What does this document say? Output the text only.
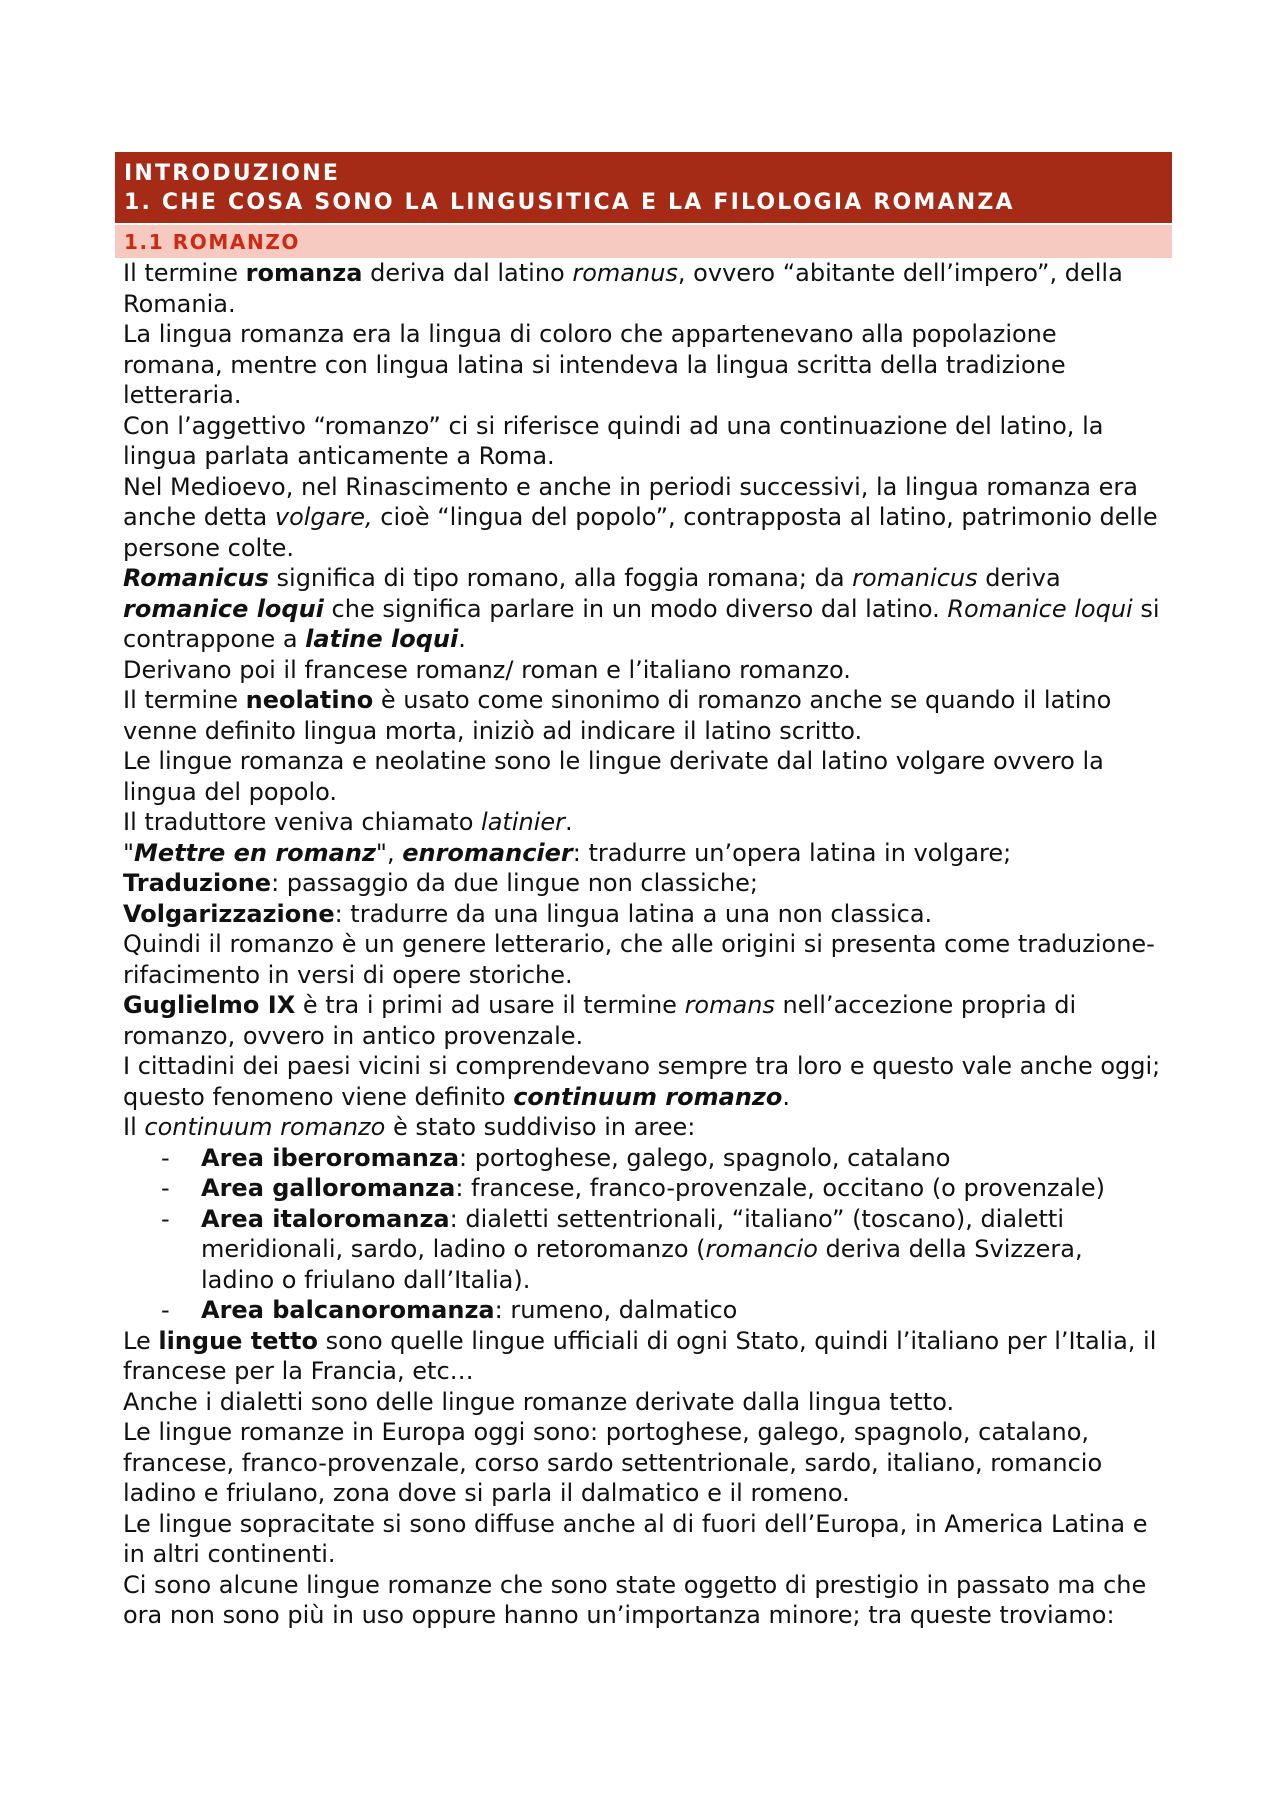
INTRODUZIONE
1. CHE COSA SONO LA LINGUSITICA E LA FILOLOGIA ROMANZA
1.1 ROMANZO

Il termine romanza deriva dal latino romanus, ovvero “abitante dell’impero”, della Romania.

La lingua romanza era la lingua di coloro che appartenevano alla popolazione romana, mentre con lingua latina si intendeva la lingua scritta della tradizione letteraria.

Con l’aggettivo “romanzo” ci si riferisce quindi ad una continuazione del latino, la lingua parlata anticamente a Roma.

Nel Medioevo, nel Rinascimento e anche in periodi successivi, la lingua romanza era anche detta volgare, cioè “lingua del popolo”, contrapposta al latino, patrimonio delle persone colte.

Romanicus significa di tipo romano, alla foggia romana; da romanicus deriva romanice loqui che significa parlare in un modo diverso dal latino. Romanice loqui si contrappone a latine loqui.

Derivano poi il francese romanz/ roman e l’italiano romanzo.

Il termine neolatino è usato come sinonimo di romanzo anche se quando il latino venne definito lingua morta, iniziò ad indicare il latino scritto.

Le lingue romanza e neolatine sono le lingue derivate dal latino volgare ovvero la lingua del popolo.

Il traduttore veniva chiamato latinier.

"Mettre en romanz", enromancier: tradurre un’opera latina in volgare;

Traduzione: passaggio da due lingue non classiche;

Volgarizzazione: tradurre da una lingua latina a una non classica.

Quindi il romanzo è un genere letterario, che alle origini si presenta come traduzione-rifacimento in versi di opere storiche.

Guglielmo IX è tra i primi ad usare il termine romans nell’accezione propria di romanzo, ovvero in antico provenzale.

I cittadini dei paesi vicini si comprendevano sempre tra loro e questo vale anche oggi; questo fenomeno viene definito continuum romanzo.

Il continuum romanzo è stato suddiviso in aree:

- Area iberoromanza: portoghese, galego, spagnolo, catalano
- Area galloromanza: francese, franco-provenzale, occitano (o provenzale)
- Area italoromanza: dialetti settentrionali, “italiano” (toscano), dialetti meridionali, sardo, ladino o retoromanzo (romancio deriva della Svizzera, ladino o friulano dall’Italia).
- Area balcanoromanza: rumeno, dalmatico

Le lingue tetto sono quelle lingue ufficiali di ogni Stato, quindi l’italiano per l’Italia, il francese per la Francia, etc…

Anche i dialetti sono delle lingue romanze derivate dalla lingua tetto.

Le lingue romanze in Europa oggi sono: portoghese, galego, spagnolo, catalano, francese, franco-provenzale, corso sardo settentrionale, sardo, italiano, romancio ladino e friulano, zona dove si parla il dalmatico e il romeno.

Le lingue sopracitate si sono diffuse anche al di fuori dell’Europa, in America Latina e in altri continenti.

Ci sono alcune lingue romanze che sono state oggetto di prestigio in passato ma che ora non sono più in uso oppure hanno un’importanza minore; tra queste troviamo:
